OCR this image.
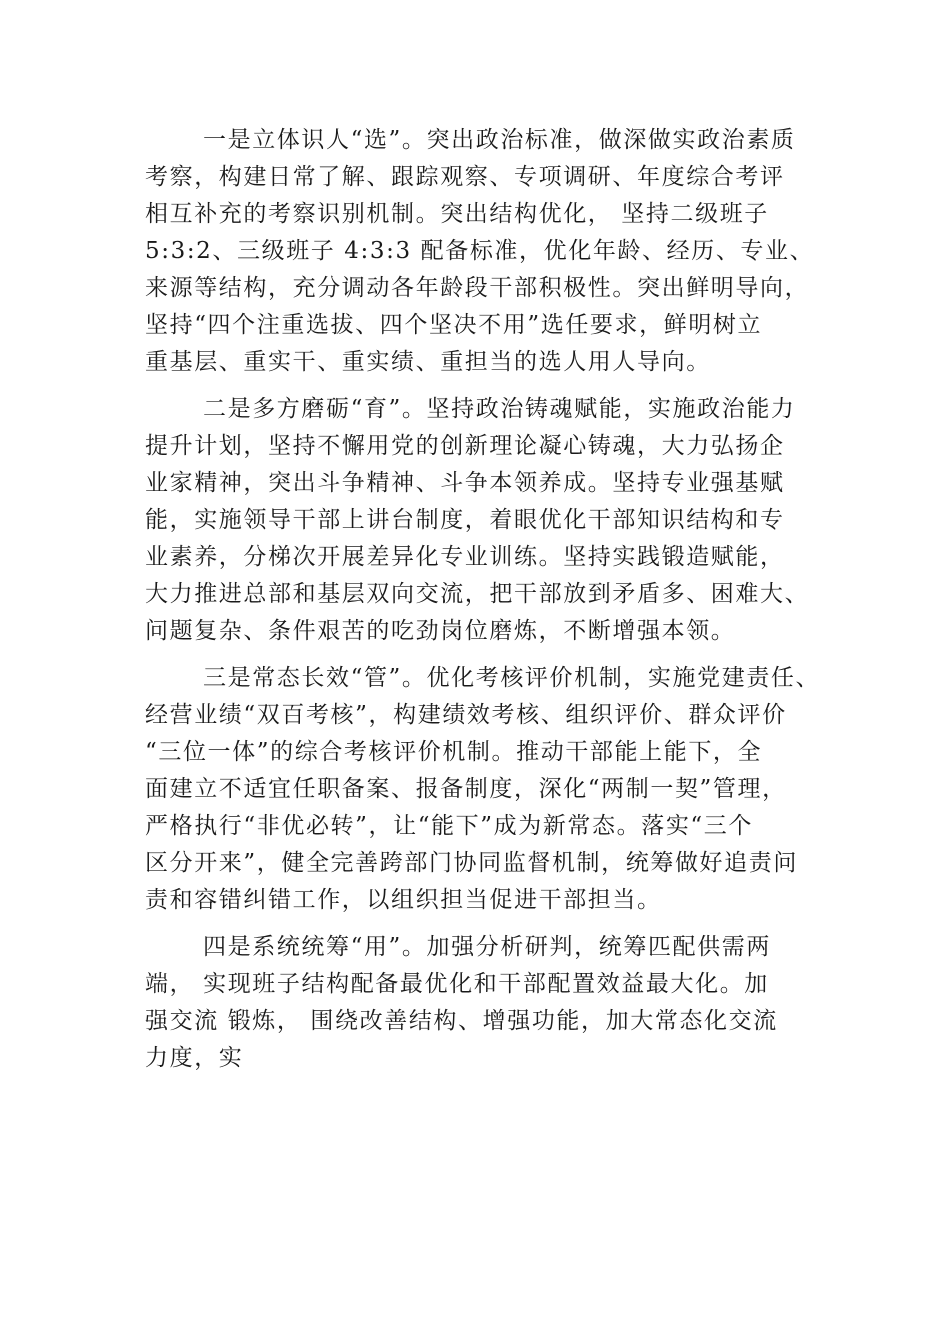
一是立体识人“选”。突出政治标准，做深做实政治素质
考察，构建日常了解、跟踪观察、专项调研、年度综合考评
相互补充的考察识别机制。突出结构优化， 坚持二级班子
5:3:2、三级班子 4:3:3 配备标准，优化年龄、经历、专业、
来源等结构，充分调动各年龄段干部积极性。突出鲜明导向，
坚持“四个注重选拔、四个坚决不用”选任要求，鲜明树立
重基层、重实干、重实绩、重担当的选人用人导向。
二是多方磨砺“育”。坚持政治铸魂赋能，实施政治能力
提升计划，坚持不懈用党的创新理论凝心铸魂，大力弘扬企
业家精神，突出斗争精神、斗争本领养成。坚持专业强基赋
能，实施领导干部上讲台制度，着眼优化干部知识结构和专
业素养，分梯次开展差异化专业训练。坚持实践锻造赋能，
大力推进总部和基层双向交流，把干部放到矛盾多、困难大、
问题复杂、条件艰苦的吃劲岗位磨炼，不断增强本领。
三是常态长效“管”。优化考核评价机制，实施党建责任、
经营业绩“双百考核”，构建绩效考核、组织评价、群众评价
“三位一体”的综合考核评价机制。推动干部能上能下，全
面建立不适宜任职备案、报备制度，深化“两制一契”管理，
严格执行“非优必转”，让“能下”成为新常态。落实“三个
区分开来”，健全完善跨部门协同监督机制，统筹做好追责问
责和容错纠错工作，以组织担当促进干部担当。
四是系统统筹“用”。加强分析研判，统筹匹配供需两
端， 实现班子结构配备最优化和干部配置效益最大化。加
强交流 锻炼， 围绕改善结构、增强功能，加大常态化交流
力度，实
